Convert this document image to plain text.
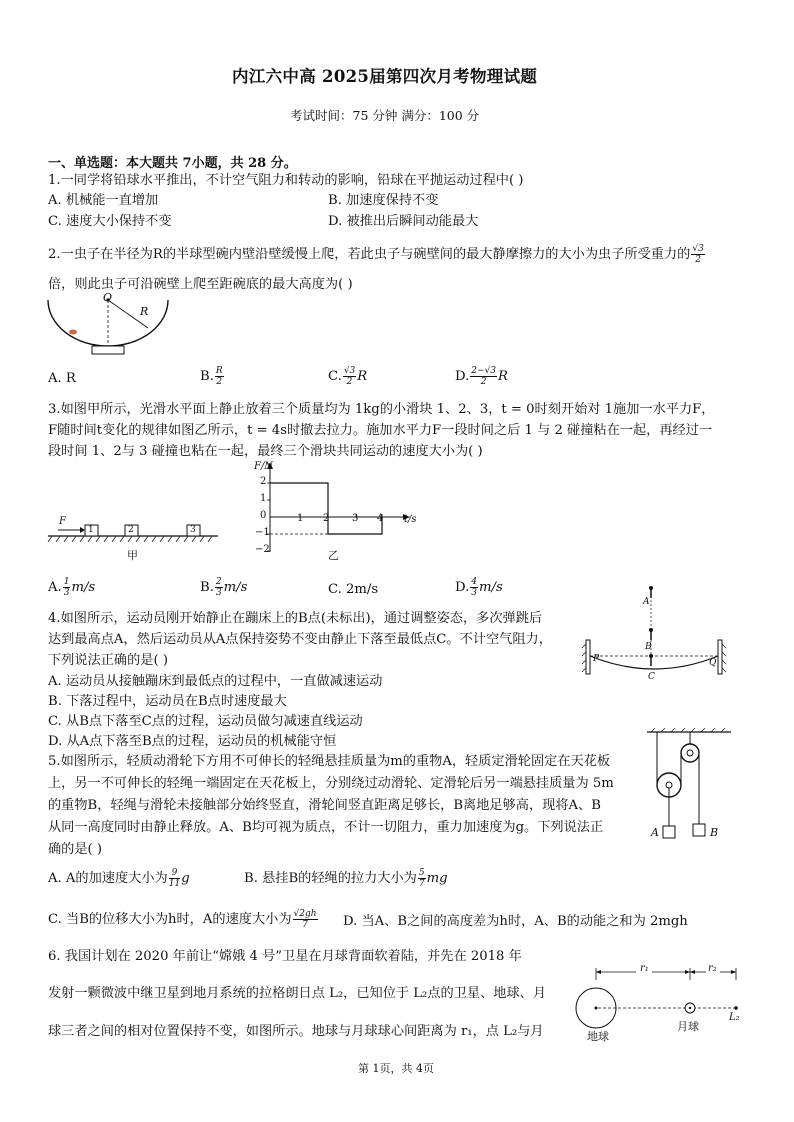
内江六中高 2025届第四次月考物理试题
考试时间：75 分钟 满分：100 分
一、单选题：本大题共 7小题，共 28 分。
1.一同学将铅球水平推出，不计空气阻力和转动的影响，铅球在平抛运动过程中( )
A. 机械能一直增加	B. 加速度保持不变
C. 速度大小保持不变	D. 被推出后瞬间动能最大
2.一虫子在半径为R的半球型碗内壁沿壁缓慢上爬，若此虫子与碗壁间的最大静摩擦力的大小为虫子所受重力的 $\frac{√3}{2}$
倍，则此虫子可沿碗壁上爬至距碗底的最大高度为( )
O
R
A. R	B. $\frac{R}{2}$	C. $\frac{√3}{2}$ R	D. $\frac{2-√3}{2}$ R
3.如图甲所示，光滑水平面上静止放着三个质量均为 1kg的小滑块 1、2、3，t = 0时刻开始对 1施加一水平力F，
F随时间t变化的规律如图乙所示，t = 4s时撤去拉力。施加水平力F一段时间之后 1 与 2 碰撞粘在一起，再经过一
段时间 1、2与 3 碰撞也粘在一起，最终三个滑块共同运动的速度大小为( )
F
1	2	3
甲
F/N
t/s
2
1
0
−1
−2
1 2 3 4
乙
A. $\frac{1}{3} m/s$	B. $\frac{2}{3} m/s$	C. 2m/s	D. $\frac{4}{3} m/s$
4.如图所示，运动员刚开始静止在蹦床上的B点(未标出)，通过调整姿态，多次弹跳后
达到最高点A，然后运动员从A点保持姿势不变由静止下落至最低点C。不计空气阻力，
下列说法正确的是( )
A. 运动员从接触蹦床到最低点的过程中，一直做减速运动
B. 下落过程中，运动员在B点时速度最大
C. 从B点下落至C点的过程，运动员做匀减速直线运动
D. 从A点下落至B点的过程，运动员的机械能守恒
A
B
C
P	Q
5.如图所示，轻质动滑轮下方用不可伸长的轻绳悬挂质量为m的重物A，轻质定滑轮固定在天花板
上，另一不可伸长的轻绳一端固定在天花板上，分别绕过动滑轮、定滑轮后另一端悬挂质量为 5m
的重物B，轻绳与滑轮未接触部分始终竖直，滑轮间竖直距离足够长，B离地足够高，现将A、B
从同一高度同时由静止释放。A、B均可视为质点，不计一切阻力，重力加速度为g。下列说法正
确的是( )
A	B
A. A的加速度大小为 $\frac{9}{11}$ g	B. 悬挂B的轻绳的拉力大小为 $\frac{5}{7}$ mg
C. 当B的位移大小为h时，A的速度大小为 $\frac{√2gh}{7} D$. 当A、B之间的高度差为h时，A、B的动能之和为 2mgh
6. 我国计划在 2020 年前让“嫦娥 4 号”卫星在月球背面软着陆，并先在 2018 年
发射一颗微波中继卫星到地月系统的拉格朗日点 L₂，已知位于 L₂点的卫星、地球、月
球三者之间的相对位置保持不变，如图所示。地球与月球球心间距离为 r₁，点 L₂与月
r₁	r₂
地球
月球
L₂
第 1页，共 4页
